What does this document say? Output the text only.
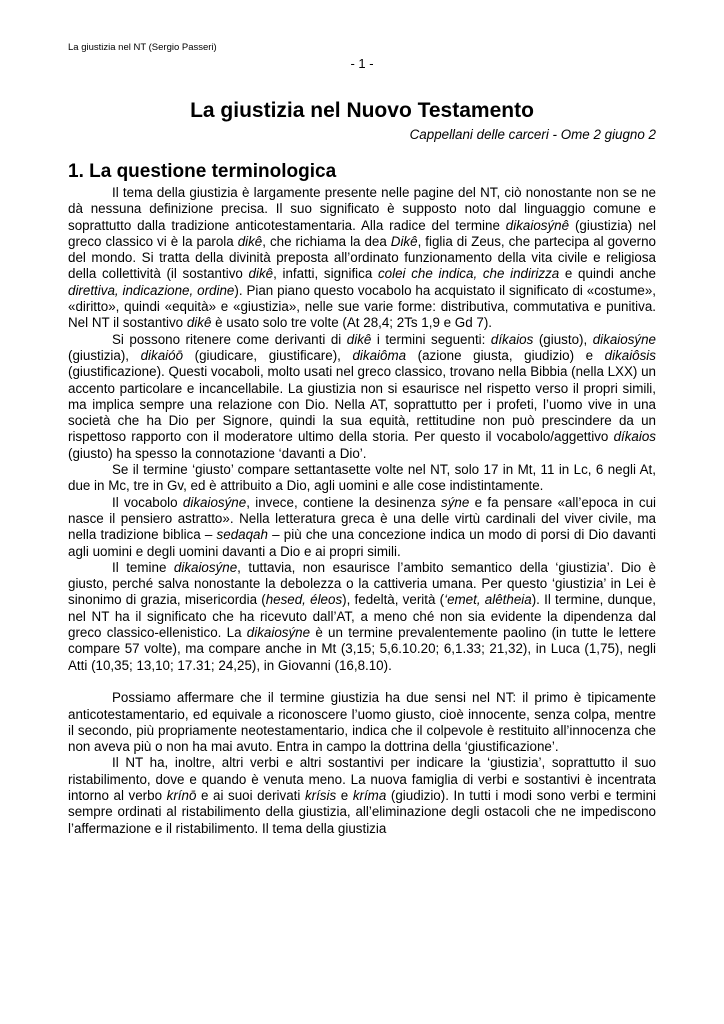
La giustizia nel NT (Sergio Passeri)
- 1 -
La giustizia nel Nuovo Testamento
Cappellani delle carceri - Ome 2 giugno 2
1. La questione terminologica

Il tema della giustizia è largamente presente nelle pagine del NT, ciò nonostante non se ne dà nessuna definizione precisa. Il suo significato è supposto noto dal linguaggio comune e soprattutto dalla tradizione anticotestamentaria. Alla radice del termine dikaiosýnê (giustizia) nel greco classico vi è la parola dikê, che richiama la dea Dikê, figlia di Zeus, che partecipa al governo del mondo. Si tratta della divinità preposta all’ordinato funzionamento della vita civile e religiosa della collettività (il sostantivo dikê, infatti, significa colei che indica, che indirizza e quindi anche direttiva, indicazione, ordine). Pian piano questo vocabolo ha acquistato il significato di «costume», «diritto», quindi «equità» e «giustizia», nelle sue varie forme: distributiva, commutativa e punitiva. Nel NT il sostantivo dikê è usato solo tre volte (At 28,4; 2Ts 1,9 e Gd 7).

Si possono ritenere come derivanti di dikê i termini seguenti: díkaios (giusto), dikaiosýne (giustizia), dikaióō (giudicare, giustificare), dikaiôma (azione giusta, giudizio) e dikaiôsis (giustificazione). Questi vocaboli, molto usati nel greco classico, trovano nella Bibbia (nella LXX) un accento particolare e incancellabile. La giustizia non si esaurisce nel rispetto verso il propri simili, ma implica sempre una relazione con Dio. Nella AT, soprattutto per i profeti, l’uomo vive in una società che ha Dio per Signore, quindi la sua equità, rettitudine non può prescindere da un rispettoso rapporto con il moderatore ultimo della storia. Per questo il vocabolo/aggettivo díkaios (giusto) ha spesso la connotazione ‘davanti a Dio’.

Se il termine ‘giusto’ compare settantasette volte nel NT, solo 17 in Mt, 11 in Lc, 6 negli At, due in Mc, tre in Gv, ed è attribuito a Dio, agli uomini e alle cose indistintamente.

Il vocabolo dikaiosýne, invece, contiene la desinenza sýne e fa pensare «all’epoca in cui nasce il pensiero astratto». Nella letteratura greca è una delle virtù cardinali del viver civile, ma nella tradizione biblica – sedaqah – più che una concezione indica un modo di porsi di Dio davanti agli uomini e degli uomini davanti a Dio e ai propri simili.

Il temine dikaiosýne, tuttavia, non esaurisce l’ambito semantico della ‘giustizia’. Dio è giusto, perché salva nonostante la debolezza o la cattiveria umana. Per questo ‘giustizia’ in Lei è sinonimo di grazia, misericordia (hesed, éleos), fedeltà, verità (‘emet, alêtheia). Il termine, dunque, nel NT ha il significato che ha ricevuto dall’AT, a meno ché non sia evidente la dipendenza dal greco classico-ellenistico. La dikaiosýne è un termine prevalentemente paolino (in tutte le lettere compare 57 volte), ma compare anche in Mt (3,15; 5,6.10.20; 6,1.33; 21,32), in Luca (1,75), negli Atti (10,35; 13,10; 17.31; 24,25), in Giovanni (16,8.10).

Possiamo affermare che il termine giustizia ha due sensi nel NT: il primo è tipicamente anticotestamentario, ed equivale a riconoscere l’uomo giusto, cioè innocente, senza colpa, mentre il secondo, più propriamente neotestamentario, indica che il colpevole è restituito all’innocenza che non aveva più o non ha mai avuto. Entra in campo la dottrina della ‘giustificazione’.

Il NT ha, inoltre, altri verbi e altri sostantivi per indicare la ‘giustizia’, soprattutto il suo ristabilimento, dove e quando è venuta meno. La nuova famiglia di verbi e sostantivi è incentrata intorno al verbo krínō e ai suoi derivati krísis e kríma (giudizio). In tutti i modi sono verbi e termini sempre ordinati al ristabilimento della giustizia, all’eliminazione degli ostacoli che ne impediscono l’affermazione e il ristabilimento. Il tema della giustizia
